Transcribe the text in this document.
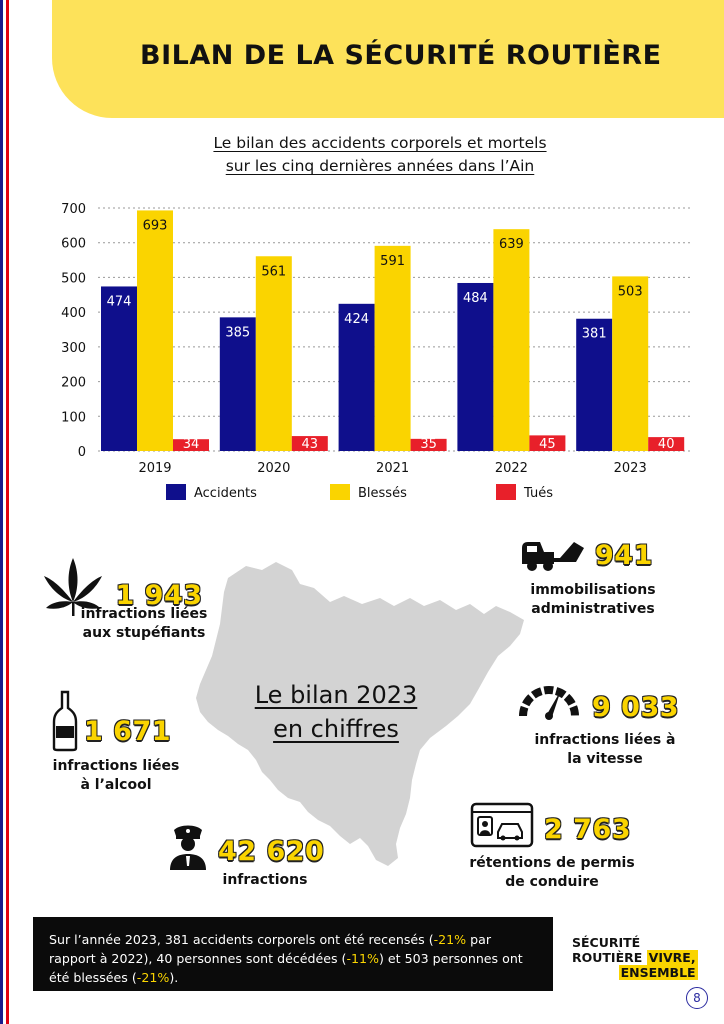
BILAN DE LA SÉCURITÉ ROUTIÈRE
Le bilan des accidents corporels et mortels
sur les cinq dernières années dans l’Ain
0
100
200
300
400
500
600
700
474
693
34
2019
385
561
43
2020
424
591
35
2021
484
639
45
2022
381
503
40
2023
Accidents	Blessés	Tués
Le bilan 2023
en chiffres
1 943
infractions liées
aux stupéfiants
1 671
infractions liées
à l’alcool
42 620
infractions
941
immobilisations
administratives
9 033
infractions liées à
la vitesse
2 763
rétentions de permis
de conduire
Sur l’année 2023, 381 accidents corporels ont été recensés (-21% par rapport à 2022), 40 personnes sont décédées (-11%) et 503 personnes ont été blessées (-21%).
SÉCURITÉ
ROUTIÈRE VIVRE,
ENSEMBLE
8
